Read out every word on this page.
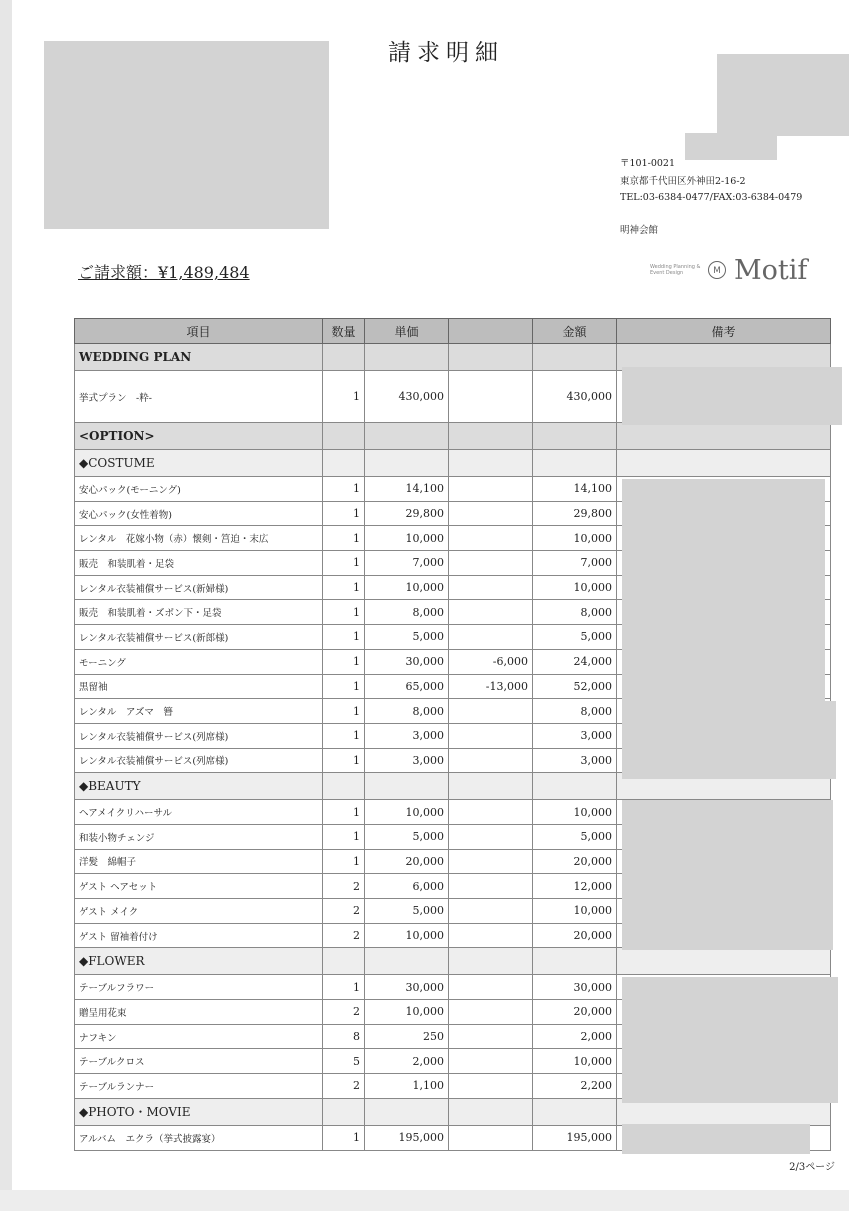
請求明細
〒101-0021
東京都千代田区外神田2-16-2
TEL:03-6384-0477/FAX:03-6384-0479
明神会館
ご請求額：¥1,489,484	Wedding Planning & Event Design	M Motif
項目	数量	単価		金額	備考
WEDDING PLAN					
挙式プラン　-粋-	1	430,000		430,000	
<OPTION>					
◆COSTUME					
安心パック(モーニング)	1	14,100		14,100	
安心パック(女性着物)	1	29,800		29,800	
レンタル　花嫁小物（赤）懐剣・筥迫・末広	1	10,000		10,000	
販売　和装肌着・足袋	1	7,000		7,000	
レンタル衣装補償サービス(新婦様)	1	10,000		10,000	
販売　和装肌着・ズボン下・足袋	1	8,000		8,000	
レンタル衣装補償サービス(新郎様)	1	5,000		5,000	
モーニング	1	30,000	-6,000	24,000	
黒留袖	1	65,000	-13,000	52,000	
レンタル　アズマ　簪	1	8,000		8,000	
レンタル衣装補償サービス(列席様)	1	3,000		3,000	
レンタル衣装補償サービス(列席様)	1	3,000		3,000	
◆BEAUTY					
ヘアメイクリハーサル	1	10,000		10,000	
和装小物チェンジ	1	5,000		5,000	
洋髪　綿帽子	1	20,000		20,000	
ゲスト ヘアセット	2	6,000		12,000	
ゲスト メイク	2	5,000		10,000	
ゲスト 留袖着付け	2	10,000		20,000	
◆FLOWER					
テーブルフラワー	1	30,000		30,000	
贈呈用花束	2	10,000		20,000	
ナフキン	8	250		2,000	
テーブルクロス	5	2,000		10,000	
テーブルランナー	2	1,100		2,200	
◆PHOTO・MOVIE					
アルバム　エクラ（挙式披露宴）	1	195,000		195,000	
2/3ページ
